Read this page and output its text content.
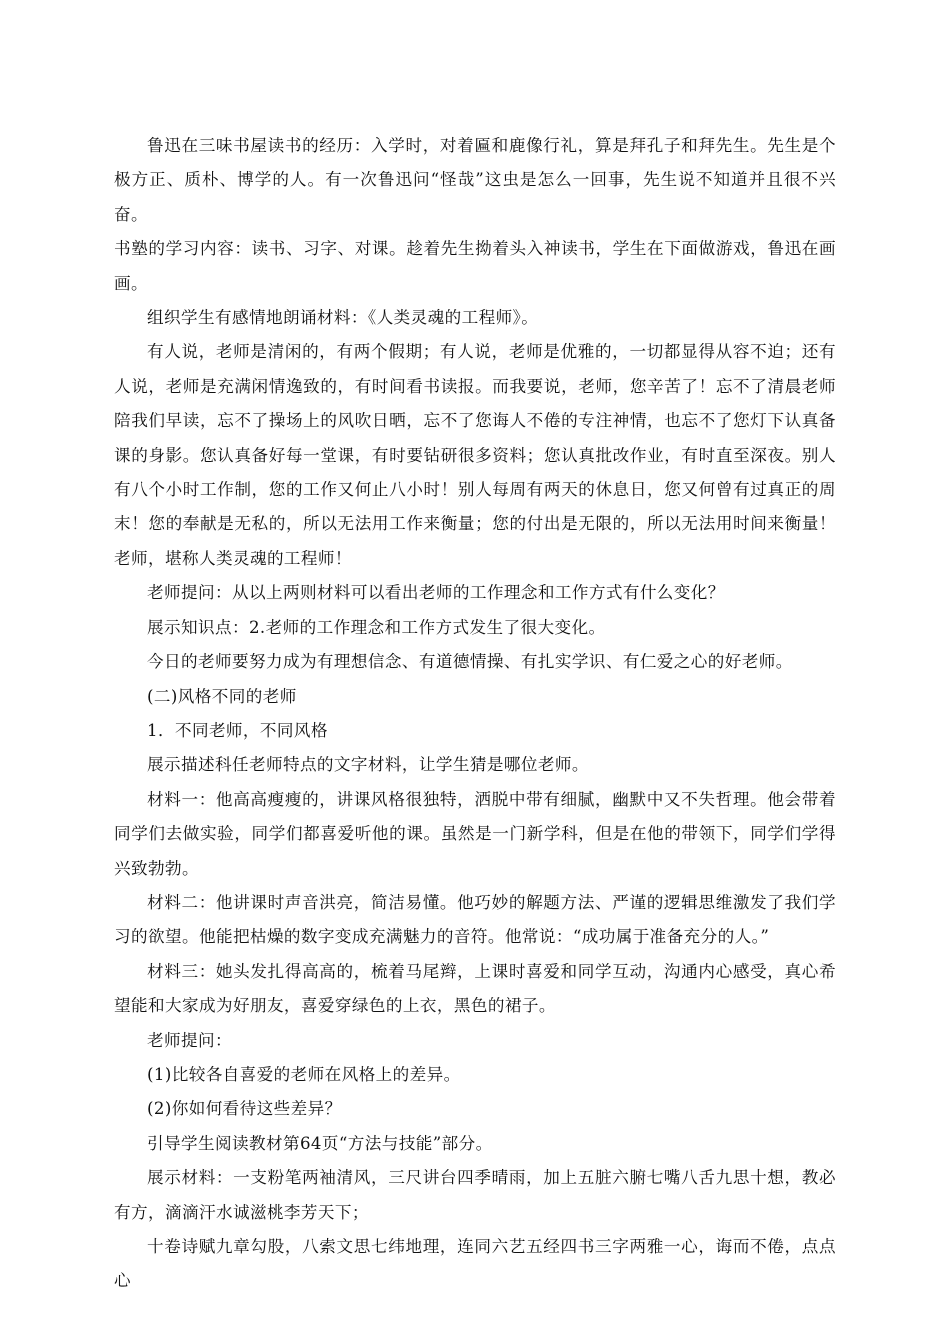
鲁迅在三味书屋读书的经历：入学时，对着匾和鹿像行礼，算是拜孔子和拜先生。先生是个极方正、质朴、博学的人。有一次鲁迅问“怪哉”这虫是怎么一回事，先生说不知道并且很不兴奋。

书塾的学习内容：读书、习字、对课。趁着先生拗着头入神读书，学生在下面做游戏，鲁迅在画画。

组织学生有感情地朗诵材料：《人类灵魂的工程师》。

有人说，老师是清闲的，有两个假期；有人说，老师是优雅的，一切都显得从容不迫；还有人说，老师是充满闲情逸致的，有时间看书读报。而我要说，老师，您辛苦了！忘不了清晨老师陪我们早读，忘不了操场上的风吹日晒，忘不了您诲人不倦的专注神情，也忘不了您灯下认真备课的身影。您认真备好每一堂课，有时要钻研很多资料；您认真批改作业，有时直至深夜。别人有八个小时工作制，您的工作又何止八小时！别人每周有两天的休息日，您又何曾有过真正的周末！您的奉献是无私的，所以无法用工作来衡量；您的付出是无限的，所以无法用时间来衡量！老师，堪称人类灵魂的工程师！

老师提问：从以上两则材料可以看出老师的工作理念和工作方式有什么变化？

展示知识点：2.老师的工作理念和工作方式发生了很大变化。

今日的老师要努力成为有理想信念、有道德情操、有扎实学识、有仁爱之心的好老师。

(二)风格不同的老师

1．不同老师，不同风格

展示描述科任老师特点的文字材料，让学生猜是哪位老师。

材料一：他高高瘦瘦的，讲课风格很独特，洒脱中带有细腻，幽默中又不失哲理。他会带着同学们去做实验，同学们都喜爱听他的课。虽然是一门新学科，但是在他的带领下，同学们学得兴致勃勃。

材料二：他讲课时声音洪亮，简洁易懂。他巧妙的解题方法、严谨的逻辑思维激发了我们学习的欲望。他能把枯燥的数字变成充满魅力的音符。他常说：“成功属于准备充分的人。”

材料三：她头发扎得高高的，梳着马尾辫，上课时喜爱和同学互动，沟通内心感受，真心希望能和大家成为好朋友，喜爱穿绿色的上衣，黑色的裙子。

老师提问：

(1)比较各自喜爱的老师在风格上的差异。

(2)你如何看待这些差异？

引导学生阅读教材第64页“方法与技能”部分。

展示材料：一支粉笔两袖清风，三尺讲台四季晴雨，加上五脏六腑七嘴八舌九思十想，教必有方，滴滴汗水诚滋桃李芳天下；

十卷诗赋九章勾股，八索文思七纬地理，连同六艺五经四书三字两雅一心，诲而不倦，点点心
